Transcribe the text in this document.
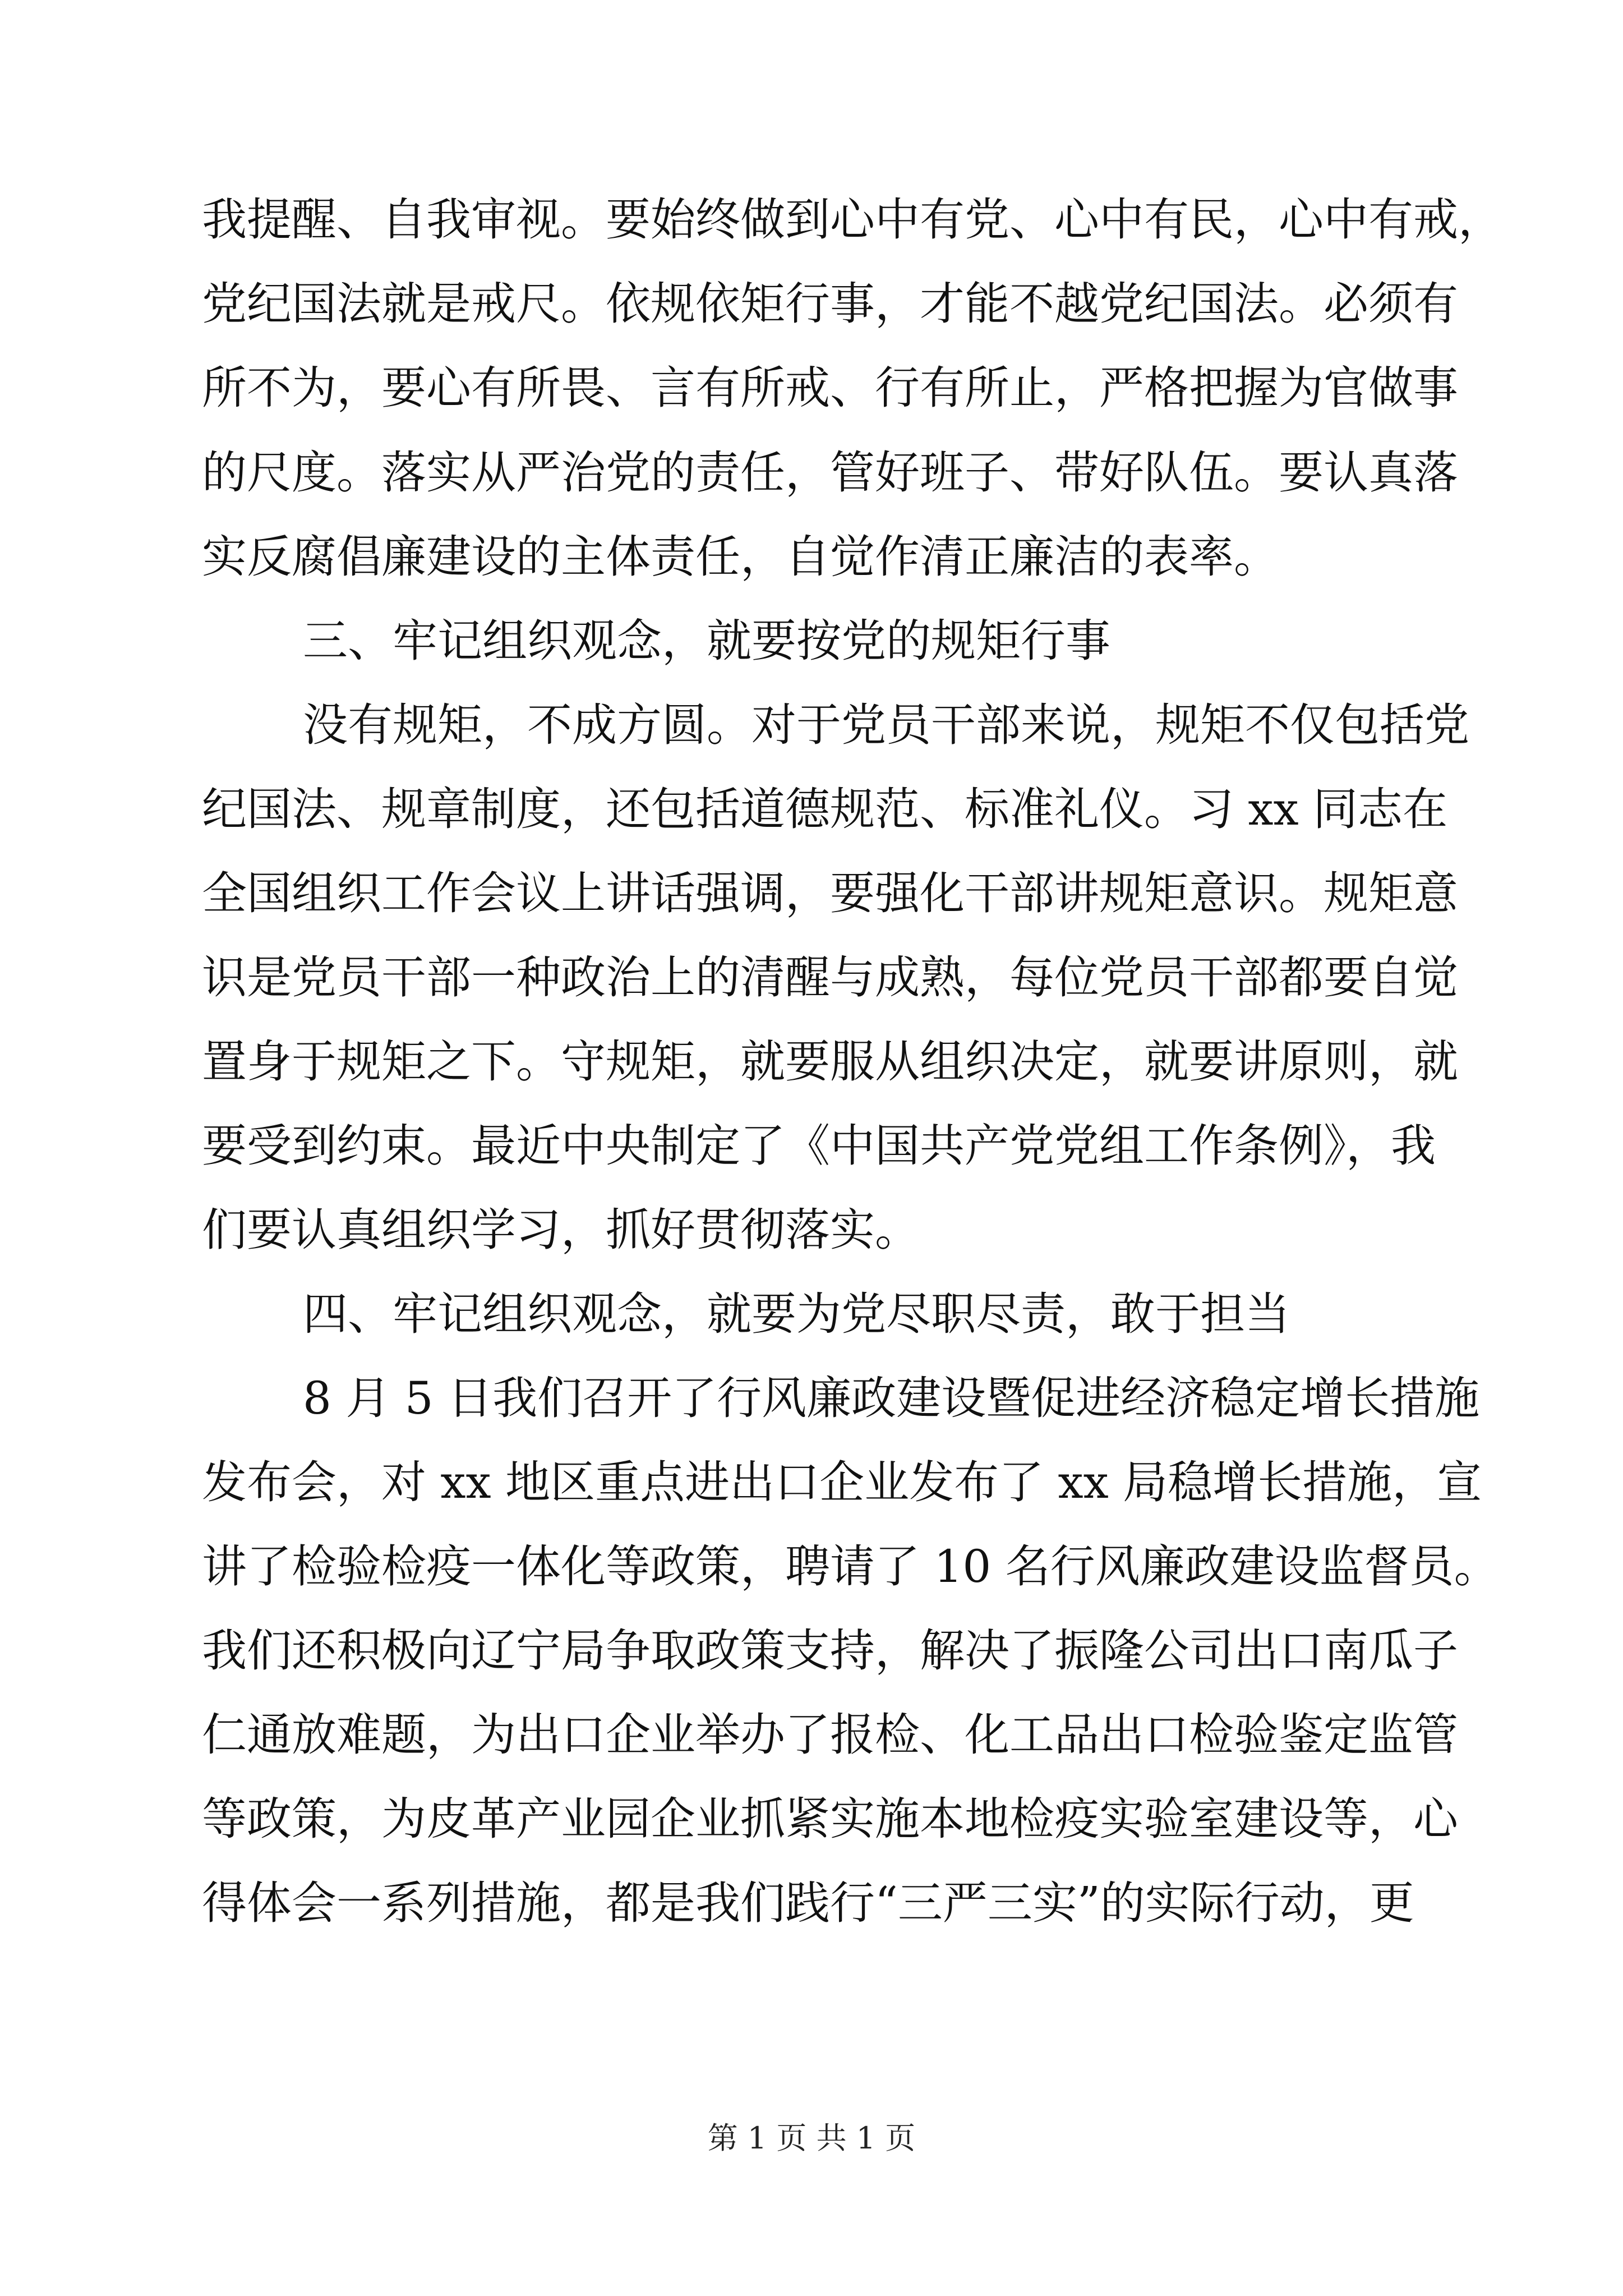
我提醒、自我审视。要始终做到心中有党、心中有民，心中有戒，
党纪国法就是戒尺。依规依矩行事，才能不越党纪国法。必须有
所不为，要心有所畏、言有所戒、行有所止，严格把握为官做事
的尺度。落实从严治党的责任，管好班子、带好队伍。要认真落
实反腐倡廉建设的主体责任，自觉作清正廉洁的表率。
三、牢记组织观念，就要按党的规矩行事
没有规矩，不成方圆。对于党员干部来说，规矩不仅包括党
纪国法、规章制度，还包括道德规范、标准礼仪。习 xx 同志在
全国组织工作会议上讲话强调，要强化干部讲规矩意识。规矩意
识是党员干部一种政治上的清醒与成熟，每位党员干部都要自觉
置身于规矩之下。守规矩，就要服从组织决定，就要讲原则，就
要受到约束。最近中央制定了《中国共产党党组工作条例》，我
们要认真组织学习，抓好贯彻落实。
四、牢记组织观念，就要为党尽职尽责，敢于担当
8 月 5 日我们召开了行风廉政建设暨促进经济稳定增长措施
发布会，对 xx 地区重点进出口企业发布了 xx 局稳增长措施，宣
讲了检验检疫一体化等政策，聘请了 10 名行风廉政建设监督员。
我们还积极向辽宁局争取政策支持，解决了振隆公司出口南瓜子
仁通放难题，为出口企业举办了报检、化工品出口检验鉴定监管
等政策，为皮革产业园企业抓紧实施本地检疫实验室建设等，心
得体会一系列措施，都是我们践行“三严三实”的实际行动，更
第 1 页 共 1 页
